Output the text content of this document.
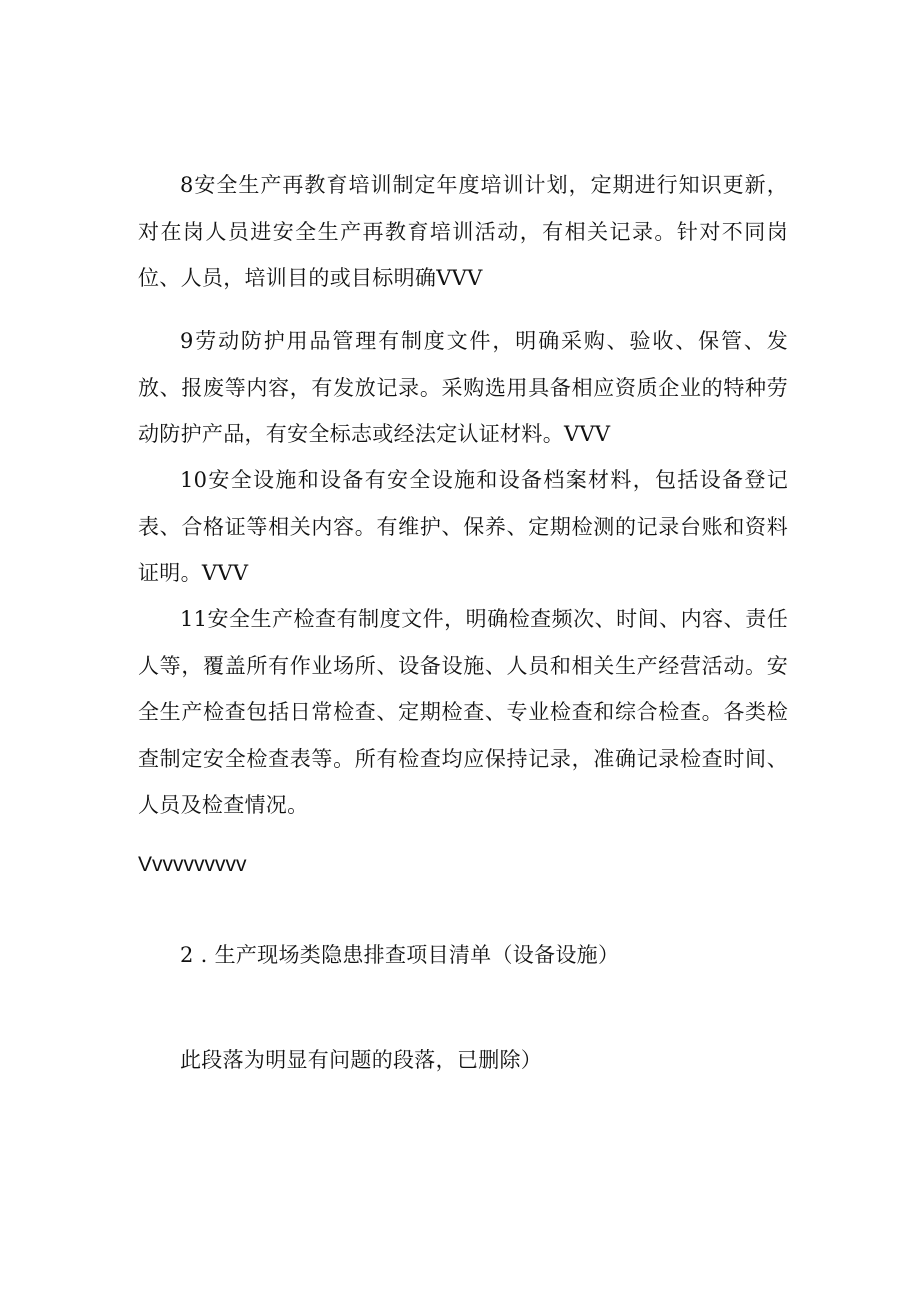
8安全生产再教育培训制定年度培训计划，定期进行知识更新，对在岗人员进安全生产再教育培训活动，有相关记录。针对不同岗位、人员，培训目的或目标明确VVV

9劳动防护用品管理有制度文件，明确采购、验收、保管、发放、报废等内容，有发放记录。采购选用具备相应资质企业的特种劳动防护产品，有安全标志或经法定认证材料。VVV

10安全设施和设备有安全设施和设备档案材料，包括设备登记表、合格证等相关内容。有维护、保养、定期检测的记录台账和资料证明。VVV

11安全生产检查有制度文件，明确检查频次、时间、内容、责任人等，覆盖所有作业场所、设备设施、人员和相关生产经营活动。安全生产检查包括日常检查、定期检查、专业检查和综合检查。各类检查制定安全检查表等。所有检查均应保持记录，准确记录检查时间、人员及检查情况。

Vvvvvvvvvv

2 . 生产现场类隐患排查项目清单（设备设施）

此段落为明显有问题的段落，已删除）
